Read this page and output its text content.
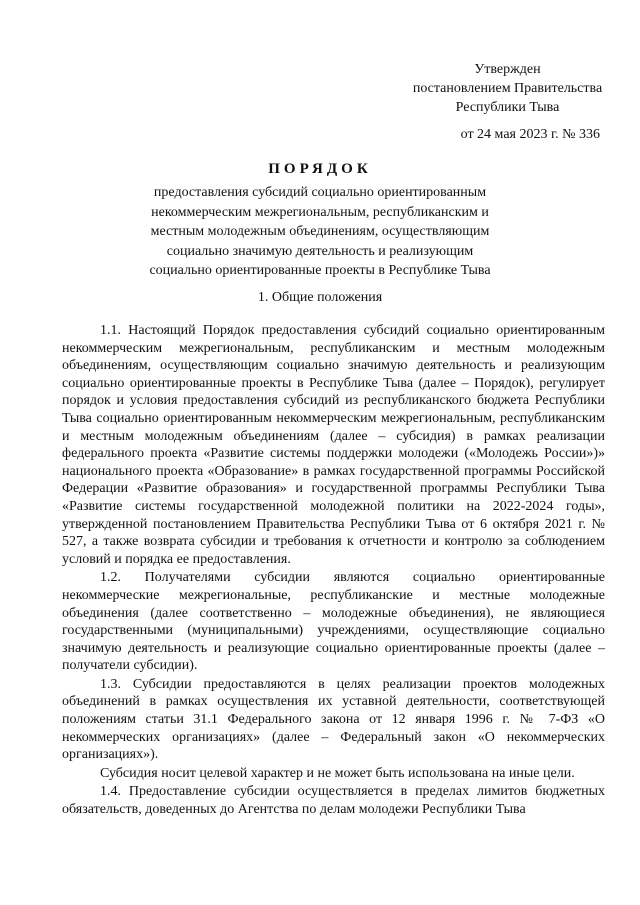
Утвержден
постановлением Правительства
Республики Тыва
от 24 мая 2023 г. № 336
ПОРЯДОК
предоставления субсидий социально ориентированным
некоммерческим межрегиональным, республиканским и
местным молодежным объединениям, осуществляющим
социально значимую деятельность и реализующим
социально ориентированные проекты в Республике Тыва
1. Общие положения

1.1. Настоящий Порядок предоставления субсидий социально ориентированным некоммерческим межрегиональным, республиканским и местным молодежным объединениям, осуществляющим социально значимую деятельность и реализующим социально ориентированные проекты в Республике Тыва (далее – Порядок), регулирует порядок и условия предоставления субсидий из республиканского бюджета Республики Тыва социально ориентированным некоммерческим межрегиональным, республиканским и местным молодежным объединениям (далее – субсидия) в рамках реализации федерального проекта «Развитие системы поддержки молодежи («Молодежь России»)» национального проекта «Образование» в рамках государственной программы Российской Федерации «Развитие образования» и государственной программы Республики Тыва «Развитие системы государственной молодежной политики на 2022-2024 годы», утвержденной постановлением Правительства Республики Тыва от 6 октября 2021 г. № 527, а также возврата субсидии и требования к отчетности и контролю за соблюдением условий и порядка ее предоставления.

1.2. Получателями субсидии являются социально ориентированные некоммерческие межрегиональные, республиканские и местные молодежные объединения (далее соответственно – молодежные объединения), не являющиеся государственными (муниципальными) учреждениями, осуществляющие социально значимую деятельность и реализующие социально ориентированные проекты (далее – получатели субсидии).

1.3. Субсидии предоставляются в целях реализации проектов молодежных объединений в рамках осуществления их уставной деятельности, соответствующей положениям статьи 31.1 Федерального закона от 12 января 1996 г. № 7-ФЗ «О некоммерческих организациях» (далее – Федеральный закон «О некоммерческих организациях»).

Субсидия носит целевой характер и не может быть использована на иные цели.

1.4. Предоставление субсидии осуществляется в пределах лимитов бюджетных обязательств, доведенных до Агентства по делам молодежи Республики Тыва
